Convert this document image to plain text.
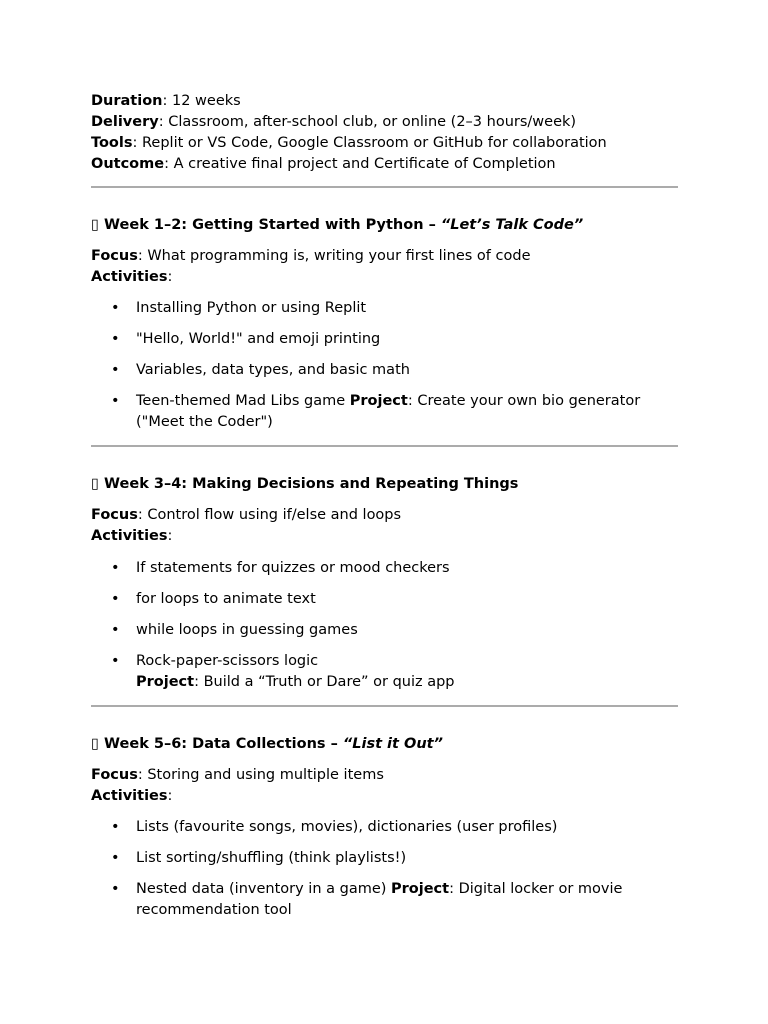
Duration: 12 weeks

Delivery: Classroom, after-school club, or online (2–3 hours/week)

Tools: Replit or VS Code, Google Classroom or GitHub for collaboration

Outcome: A creative final project and Certificate of Completion

▯ Week 1–2: Getting Started with Python – “Let’s Talk Code”

Focus: What programming is, writing your first lines of code

Activities:

• Installing Python or using Replit
• "Hello, World!" and emoji printing
• Variables, data types, and basic math
• Teen-themed Mad Libs game Project: Create your own bio generator ("Meet the Coder")

▯ Week 3–4: Making Decisions and Repeating Things

Focus: Control flow using if/else and loops

Activities:

• If statements for quizzes or mood checkers
• for loops to animate text
• while loops in guessing games
• Rock-paper-scissors logic
Project: Build a “Truth or Dare” or quiz app

▯ Week 5–6: Data Collections – “List it Out”

Focus: Storing and using multiple items

Activities:

• Lists (favourite songs, movies), dictionaries (user profiles)
• List sorting/shuffling (think playlists!)
• Nested data (inventory in a game) Project: Digital locker or movie recommendation tool
